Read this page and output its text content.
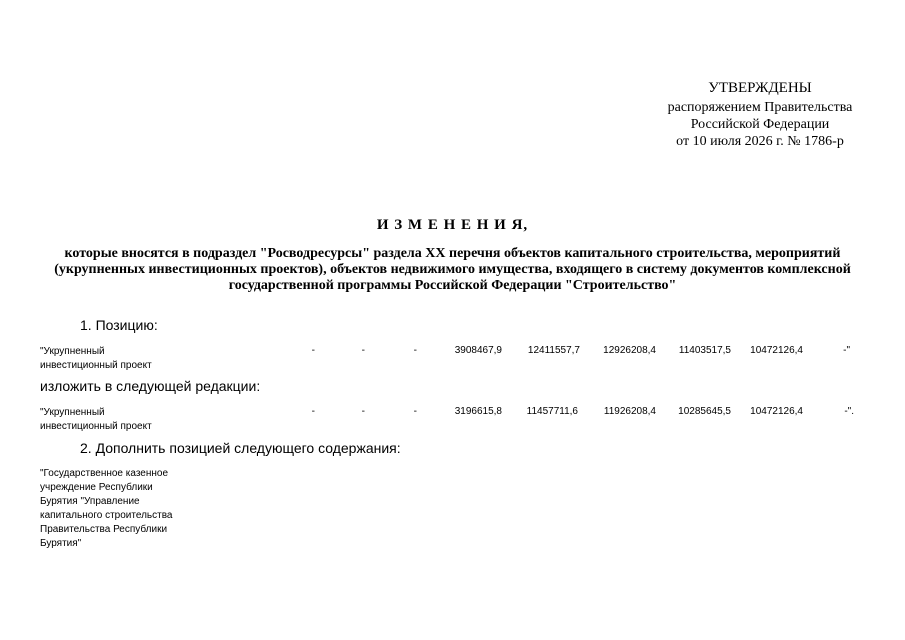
УТВЕРЖДЕНЫ
распоряжением Правительства
Российской Федерации
от 10 июля 2026 г. № 1786-р
И З М Е Н Е Н И Я,
которые вносятся в подраздел "Росводресурсы" раздела XX перечня объектов капитального строительства, мероприятий (укрупненных инвестиционных проектов), объектов недвижимого имущества, входящего в систему документов комплексной государственной программы Российской Федерации "Строительство"
1. Позицию:
"Укрупненный
инвестиционный проект
-	-	-	3908467,9	12411557,7 12926208,4 11403517,5 10472126,4	-"
изложить в следующей редакции:
"Укрупненный
инвестиционный проект
-	-	-	3196615,8 11457711,6	11926208,4 10285645,5 10472126,4	-".
2. Дополнить позицией следующего содержания:
"Государственное казенное
учреждение Республики
Бурятия "Управление
капитального строительства
Правительства Республики
Бурятия"
